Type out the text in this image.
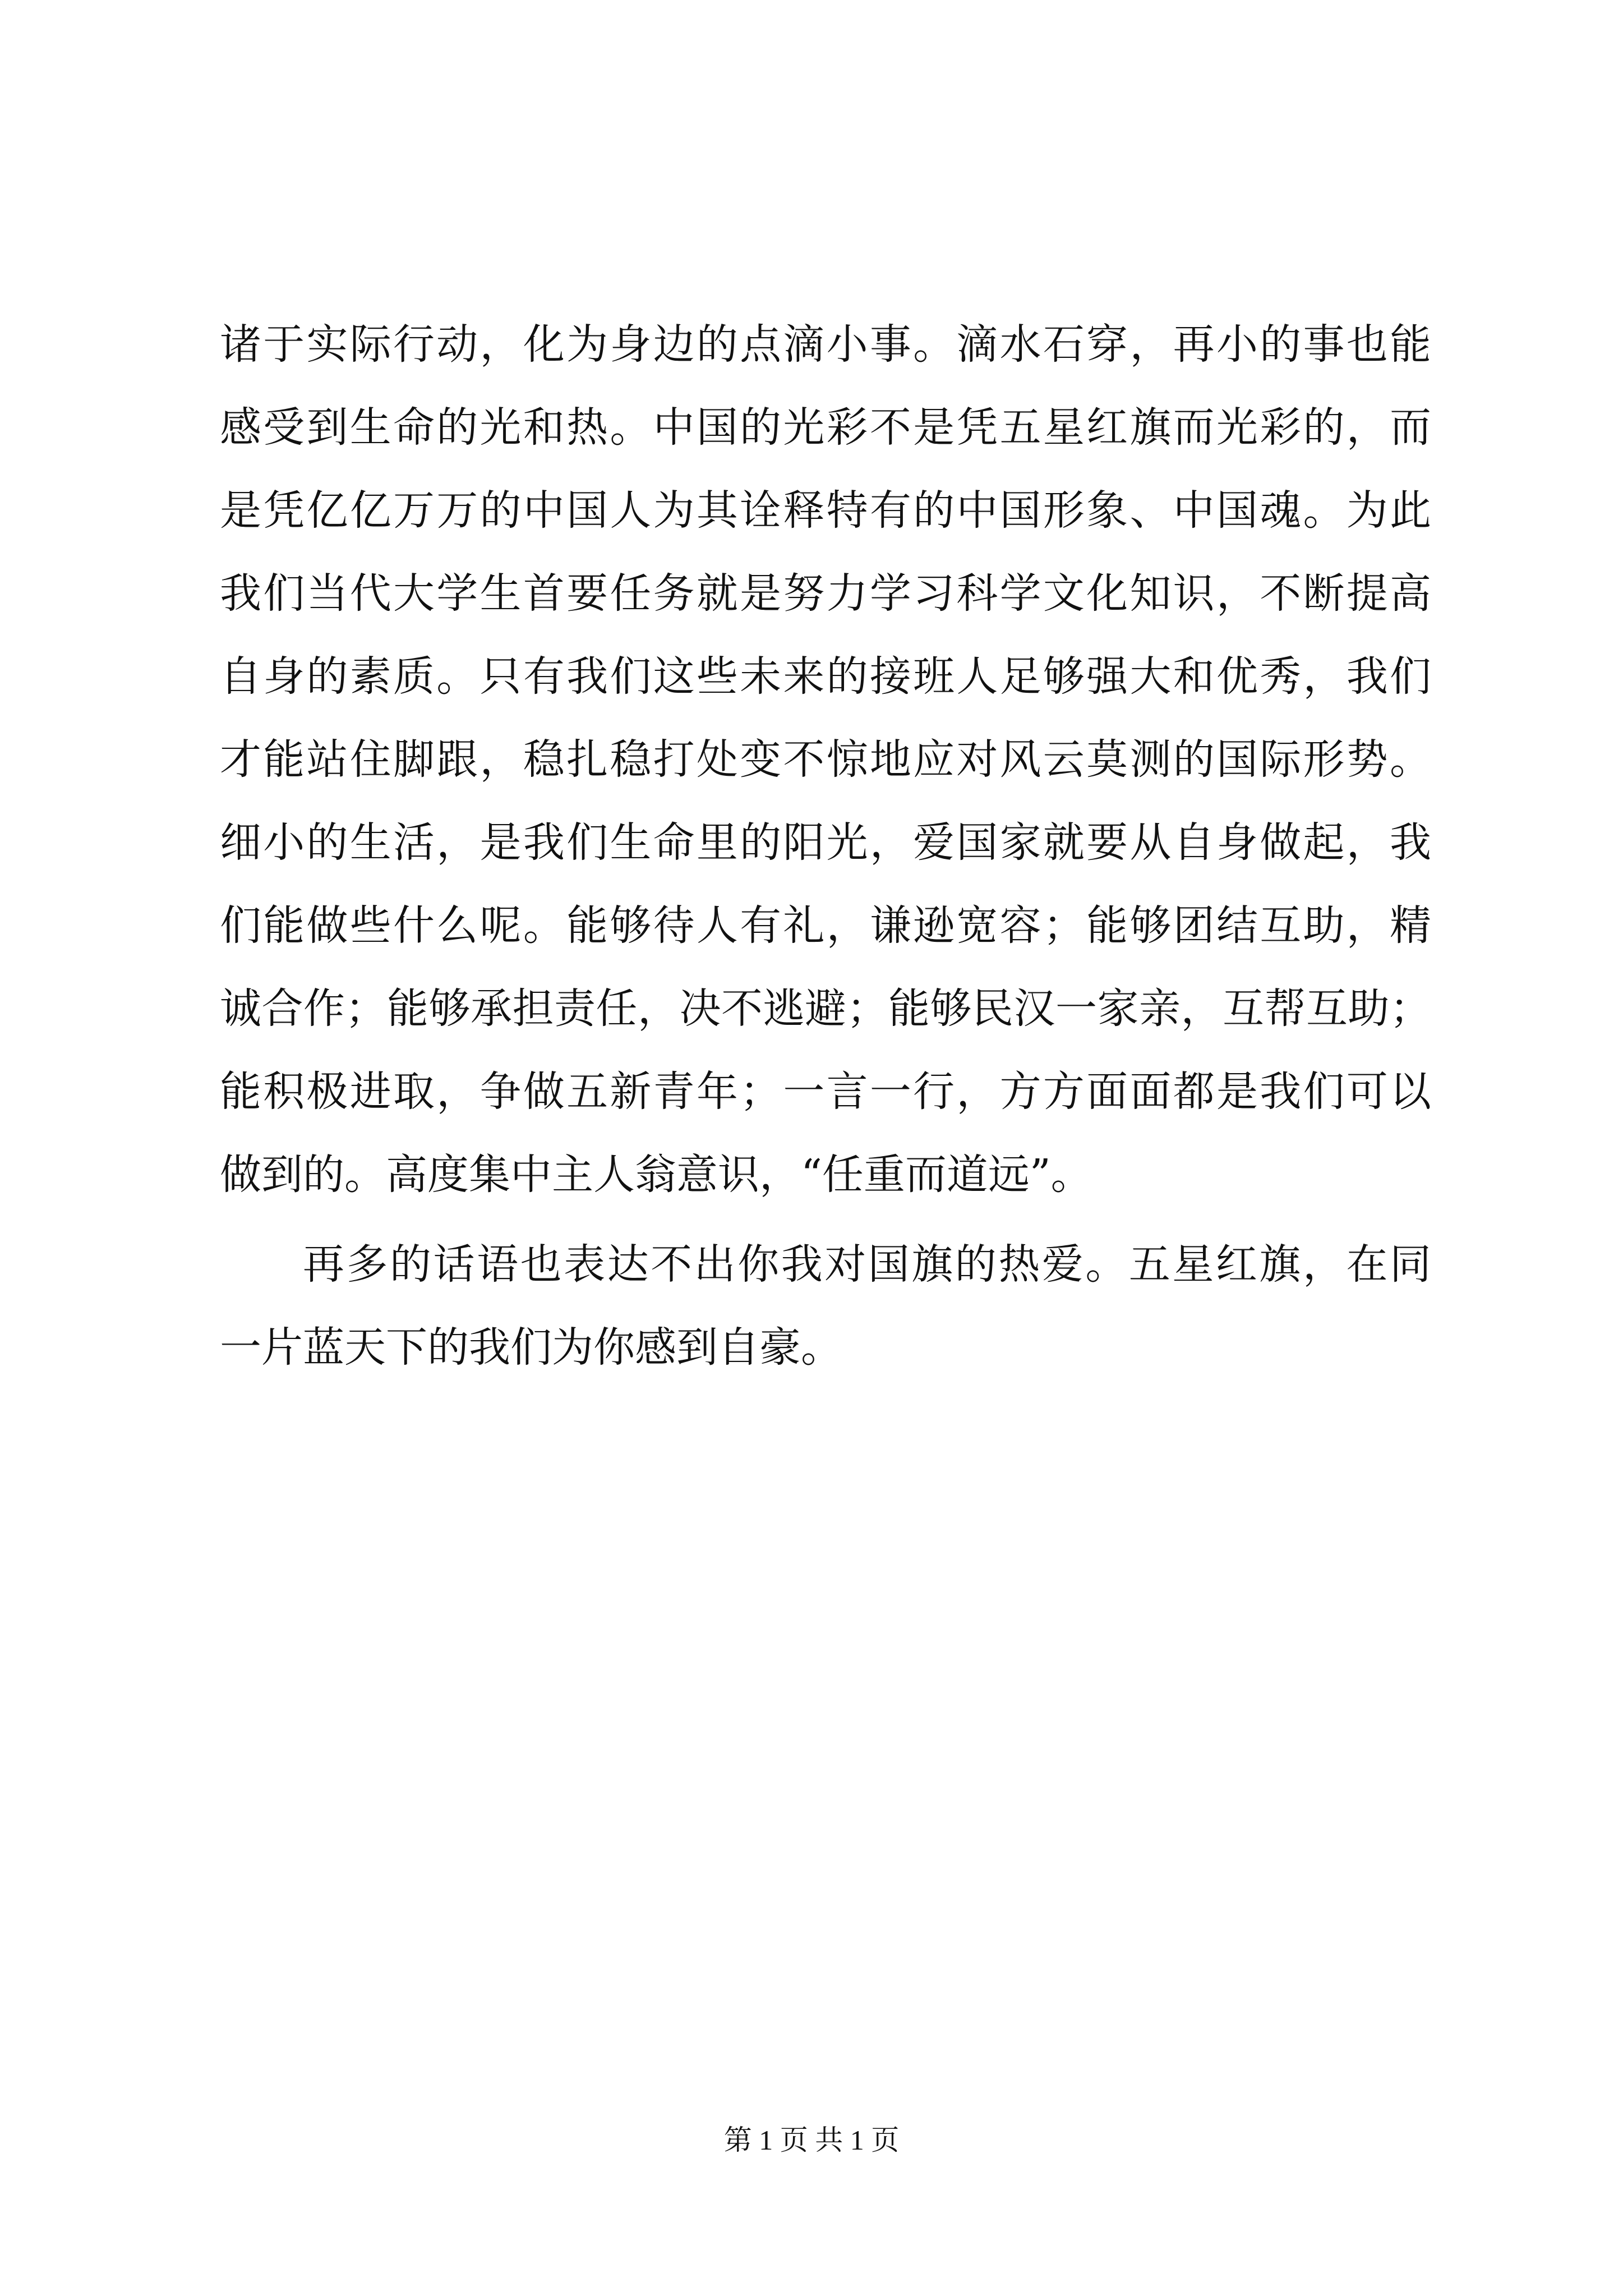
诸于实际行动，化为身边的点滴小事。滴水石穿，再小的事也能
感受到生命的光和热。中国的光彩不是凭五星红旗而光彩的，而
是凭亿亿万万的中国人为其诠释特有的中国形象、中国魂。为此
我们当代大学生首要任务就是努力学习科学文化知识，不断提高
自身的素质。只有我们这些未来的接班人足够强大和优秀，我们
才能站住脚跟，稳扎稳打处变不惊地应对风云莫测的国际形势。
细小的生活，是我们生命里的阳光，爱国家就要从自身做起，我
们能做些什么呢。能够待人有礼，谦逊宽容；能够团结互助，精
诚合作；能够承担责任，决不逃避；能够民汉一家亲，互帮互助；
能积极进取，争做五新青年；一言一行，方方面面都是我们可以
做到的。高度集中主人翁意识，“任重而道远”。
再多的话语也表达不出你我对国旗的热爱。五星红旗，在同
一片蓝天下的我们为你感到自豪。
第 1 页 共 1 页
